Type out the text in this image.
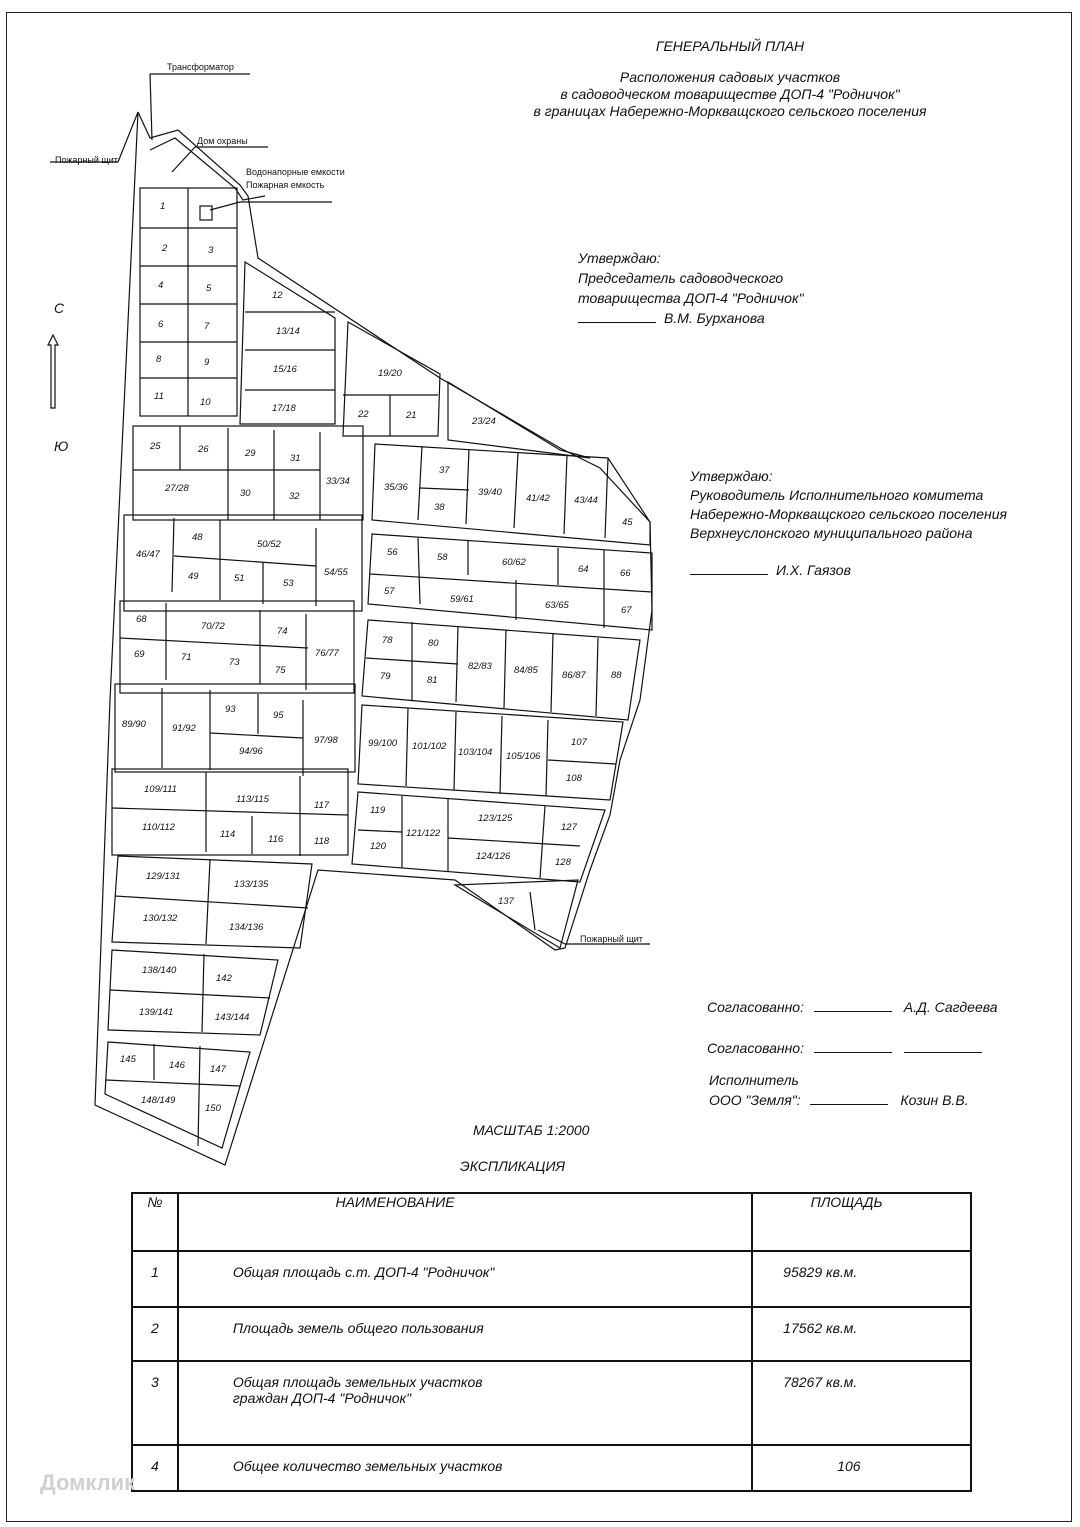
ГЕНЕРАЛЬНЫЙ ПЛАН
Расположения садовых участков
в садоводческом товариществе ДОП-4 "Родничок"
в границах Набережно-Моркващского сельского поселения
Утверждаю:
Председатель садоводческого
товарищества ДОП-4 "Родничок"
В.М. Бурханова
Утверждаю:
Руководитель Исполнительного комитета
Набережно-Моркващского сельского поселения
Верхнеуслонского муниципального района
И.Х. Гаязов
Согласованно:	А.Д. Сагдеева
Согласованно:
Исполнитель
ООО "Земля":	Козин В.В.
Трансформатор
Пожарный щит
Дом охраны
Водонапорные емкости
Пожарная емкость
Пожарный щит
С
Ю
1
2	3
4	5
6	7
8	9
11
10
12
13/14
15/16
17/18
19/20
22	21
23/24
25	26	29	31
33/34
27/28	30	32
35/36
37
38
39/40
41/42	43/44
45
46/47
48
50/52
49	51	53
54/55
56	58	60/62
64	66
57
59/61
63/65	67
68
70/72	74
69	71	73
75
76/77
78	80
82/83 84/85	86/87	88
79	81
89/90	91/92
93
95
94/96
97/98	99/100 101/102
103/104 105/106
107
108
109/111
113/115
117
110/112
114	116	118
119
121/122
123/125
127
120
124/126
128
137
129/131
133/135
130/132
134/136
138/140
142
139/141	143/144
145
146	147
148/149
150
МАСШТАБ 1:2000
ЭКСПЛИКАЦИЯ
№	НАИМЕНОВАНИЕ	ПЛОЩАДЬ
1	Общая площадь с.т. ДОП-4 "Родничок"	95829 кв.м.
2	Площадь земель общего пользования	17562 кв.м.
3	Общая площадь земельных участков
граждан ДОП-4 "Родничок"	78267 кв.м.
4	Общее количество земельных участков	106
Домклик
